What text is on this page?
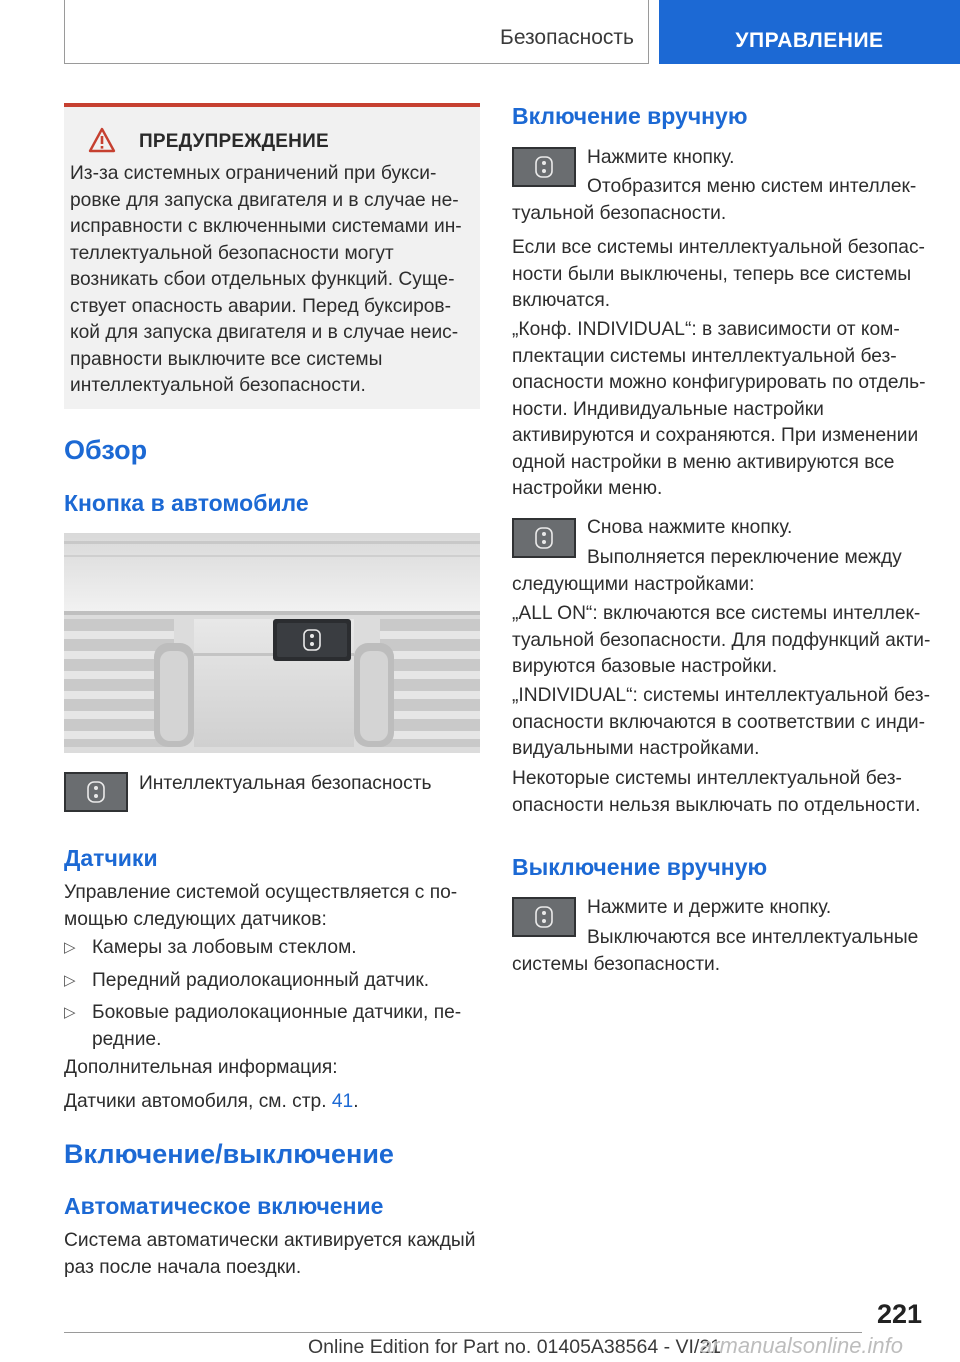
Безопасность	УПРАВЛЕНИЕ
ПРЕДУПРЕЖДЕНИЕ
Из-за системных ограничений при букси-
ровке для запуска двигателя и в случае не-
исправности с включенными системами ин-
теллектуальной безопасности могут
возникать сбои отдельных функций. Суще-
ствует опасность аварии. Перед буксиров-
кой для запуска двигателя и в случае неис-
правности выключите все системы
интеллектуальной безопасности.
Обзор
Кнопка в автомобиле
Интеллектуальная безопасность
Датчики
Управление системой осуществляется с по-
мощью следующих датчиков:
▷ Камеры за лобовым стеклом.
▷ Передний радиолокационный датчик.
▷ Боковые радиолокационные датчики, пе-
редние.
Дополнительная информация:
Датчики автомобиля, см. стр. 41.
Включение/выключение
Автоматическое включение
Система автоматически активируется каждый
раз после начала поездки.
Включение вручную
Нажмите кнопку.
Отобразится меню систем интеллек-
туальной безопасности.
Если все системы интеллектуальной безопас-
ности были выключены, теперь все системы
включатся.
„Конф. INDIVIDUAL“: в зависимости от ком-
плектации системы интеллектуальной без-
опасности можно конфигурировать по отдель-
ности. Индивидуальные настройки
активируются и сохраняются. При изменении
одной настройки в меню активируются все
настройки меню.
Снова нажмите кнопку.
Выполняется переключение между
следующими настройками:
„ALL ON“: включаются все системы интеллек-
туальной безопасности. Для подфункций акти-
вируются базовые настройки.
„INDIVIDUAL“: системы интеллектуальной без-
опасности включаются в соответствии с инди-
видуальными настройками.
Некоторые системы интеллектуальной без-
опасности нельзя выключать по отдельности.
Выключение вручную
Нажмите и держите кнопку.
Выключаются все интеллектуальные
системы безопасности.
221
Online Edition for Part no. 01405A38564 - VI/21
armanualsonline.info
